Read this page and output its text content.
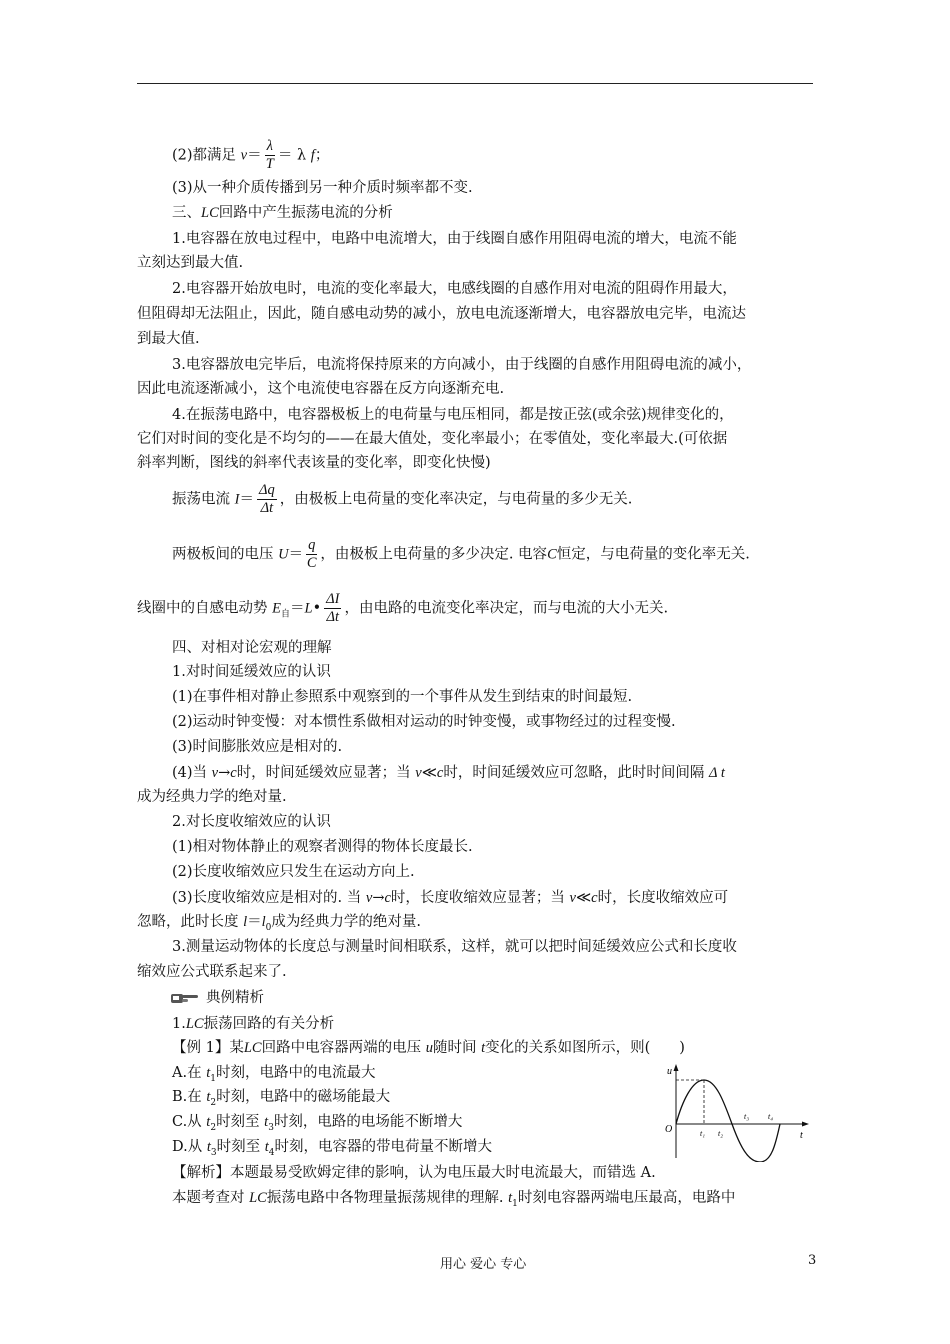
(2)都满足 $v= \frac{\lambda}{T} = \lambda$ f；
(3)从一种介质传播到另一种介质时频率都不变.
三、LC回路中产生振荡电流的分析
1.电容器在放电过程中，电路中电流增大，由于线圈自感作用阻碍电流的增大，电流不能
立刻达到最大值.
2.电容器开始放电时，电流的变化率最大，电感线圈的自感作用对电流的阻碍作用最大，
但阻碍却无法阻止，因此，随自感电动势的减小，放电电流逐渐增大，电容器放电完毕，电流达
到最大值.
3.电容器放电完毕后，电流将保持原来的方向减小，由于线圈的自感作用阻碍电流的减小，
因此电流逐渐减小，这个电流使电容器在反方向逐渐充电.
4.在振荡电路中，电容器极板上的电荷量与电压相同，都是按正弦(或余弦)规律变化的，
它们对时间的变化是不均匀的——在最大值处，变化率最小；在零值处，变化率最大.(可依据
斜率判断，图线的斜率代表该量的变化率，即变化快慢)
振荡电流 $I= \frac{\Delta q}{\Delta t}$ ，由极板上电荷量的变化率决定，与电荷量的多少无关.
两极板间的电压 $U= \frac{q}{C}$ ，由极板上电荷量的多少决定. 电容C恒定，与电荷量的变化率无关.
线圈中的自感电动势 $E_自=L• \frac{\Delta I}{\Delta t}$ ，由电路的电流变化率决定，而与电流的大小无关.
四、对相对论宏观的理解
1.对时间延缓效应的认识
(1)在事件相对静止参照系中观察到的一个事件从发生到结束的时间最短.
(2)运动时钟变慢：对本惯性系做相对运动的时钟变慢，或事物经过的过程变慢.
(3)时间膨胀效应是相对的.
(4)当 v→c时，时间延缓效应显著；当 v≪c时，时间延缓效应可忽略，此时时间间隔 Δ t
成为经典力学的绝对量.
2.对长度收缩效应的认识
(1)相对物体静止的观察者测得的物体长度最长.
(2)长度收缩效应只发生在运动方向上.
(3)长度收缩效应是相对的. 当 v→c时，长度收缩效应显著；当 v≪c时，长度收缩效应可
忽略，此时长度 $l=l_0$成为经典力学的绝对量.
3.测量运动物体的长度总与测量时间相联系，这样，就可以把时间延缓效应公式和长度收
缩效应公式联系起来了.
典例精析
1.LC振荡回路的有关分析
【例 1】某LC回路中电容器两端的电压 u随时间 t变化的关系如图所示，则(　　)
A.在 $t_1$时刻，电路中的电流最大
B.在 $t_2$时刻，电路中的磁场能最大
C.从 $t_2$时刻至 $t_3$时刻，电路的电场能不断增大
D.从 $t_3$时刻至 $t_4$时刻，电容器的带电荷量不断增大
【解析】本题最易受欧姆定律的影响，认为电压最大时电流最大，而错选 A.
本题考查对 LC振荡电路中各物理量振荡规律的理解. $t_1$时刻电容器两端电压最高，电路中
u
t
O	t₁ t₂
t₃ t₄
用心 爱心 专心	3
